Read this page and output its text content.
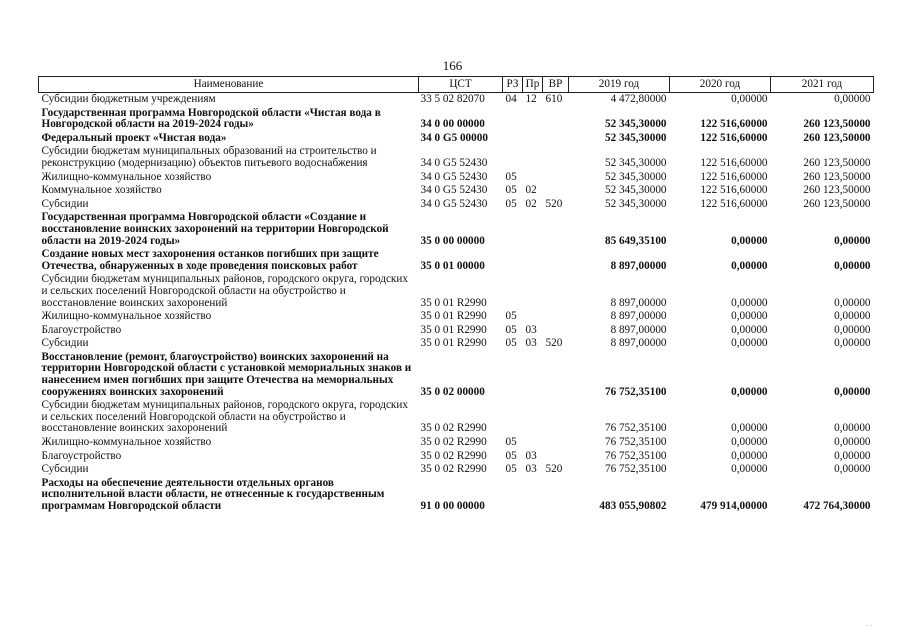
166
Наименование	ЦСТ	РЗ	Пр	ВР	2019 год	2020 год	2021 год
Субсидии бюджетным учреждениям	33 5 02 82070	04	12	610	4 472,80000	0,00000	0,00000
Государственная программа Новгородской области «Чистая вода в Новгородской области на 2019-2024 годы»	34 0 00 00000				52 345,30000	122 516,60000	260 123,50000
Федеральный проект «Чистая вода»	34 0 G5 00000				52 345,30000	122 516,60000	260 123,50000
Субсидии бюджетам муниципальных образований на строительство и реконструкцию (модернизацию) объектов питьевого водоснабжения	34 0 G5 52430				52 345,30000	122 516,60000	260 123,50000
Жилищно-коммунальное хозяйство	34 0 G5 52430	05			52 345,30000	122 516,60000	260 123,50000
Коммунальное хозяйство	34 0 G5 52430	05	02		52 345,30000	122 516,60000	260 123,50000
Субсидии	34 0 G5 52430	05	02	520	52 345,30000	122 516,60000	260 123,50000
Государственная программа Новгородской области «Создание и восстановление воинских захоронений на территории Новгородской области на 2019-2024 годы»	35 0 00 00000				85 649,35100	0,00000	0,00000
Создание новых мест захоронения останков погибших при защите Отечества, обнаруженных в ходе проведения поисковых работ	35 0 01 00000				8 897,00000	0,00000	0,00000
Субсидии бюджетам муниципальных районов, городского округа, городских и сельских поселений Новгородской области на обустройство и восстановление воинских захоронений	35 0 01 R2990				8 897,00000	0,00000	0,00000
Жилищно-коммунальное хозяйство	35 0 01 R2990	05			8 897,00000	0,00000	0,00000
Благоустройство	35 0 01 R2990	05	03		8 897,00000	0,00000	0,00000
Субсидии	35 0 01 R2990	05	03	520	8 897,00000	0,00000	0,00000
Восстановление (ремонт, благоустройство) воинских захоронений на территории Новгородской области с установкой мемориальных знаков и нанесением имен погибших при защите Отечества на мемориальных сооружениях воинских захоронений	35 0 02 00000				76 752,35100	0,00000	0,00000
Субсидии бюджетам муниципальных районов, городского округа, городских и сельских поселений Новгородской области на обустройство и восстановление воинских захоронений	35 0 02 R2990				76 752,35100	0,00000	0,00000
Жилищно-коммунальное хозяйство	35 0 02 R2990	05			76 752,35100	0,00000	0,00000
Благоустройство	35 0 02 R2990	05	03		76 752,35100	0,00000	0,00000
Субсидии	35 0 02 R2990	05	03	520	76 752,35100	0,00000	0,00000
Расходы на обеспечение деятельности отдельных органов исполнительной власти области, не отнесенные к государственным программам Новгородской области	91 0 00 00000				483 055,90802	479 914,00000	472 764,30000
· ·
